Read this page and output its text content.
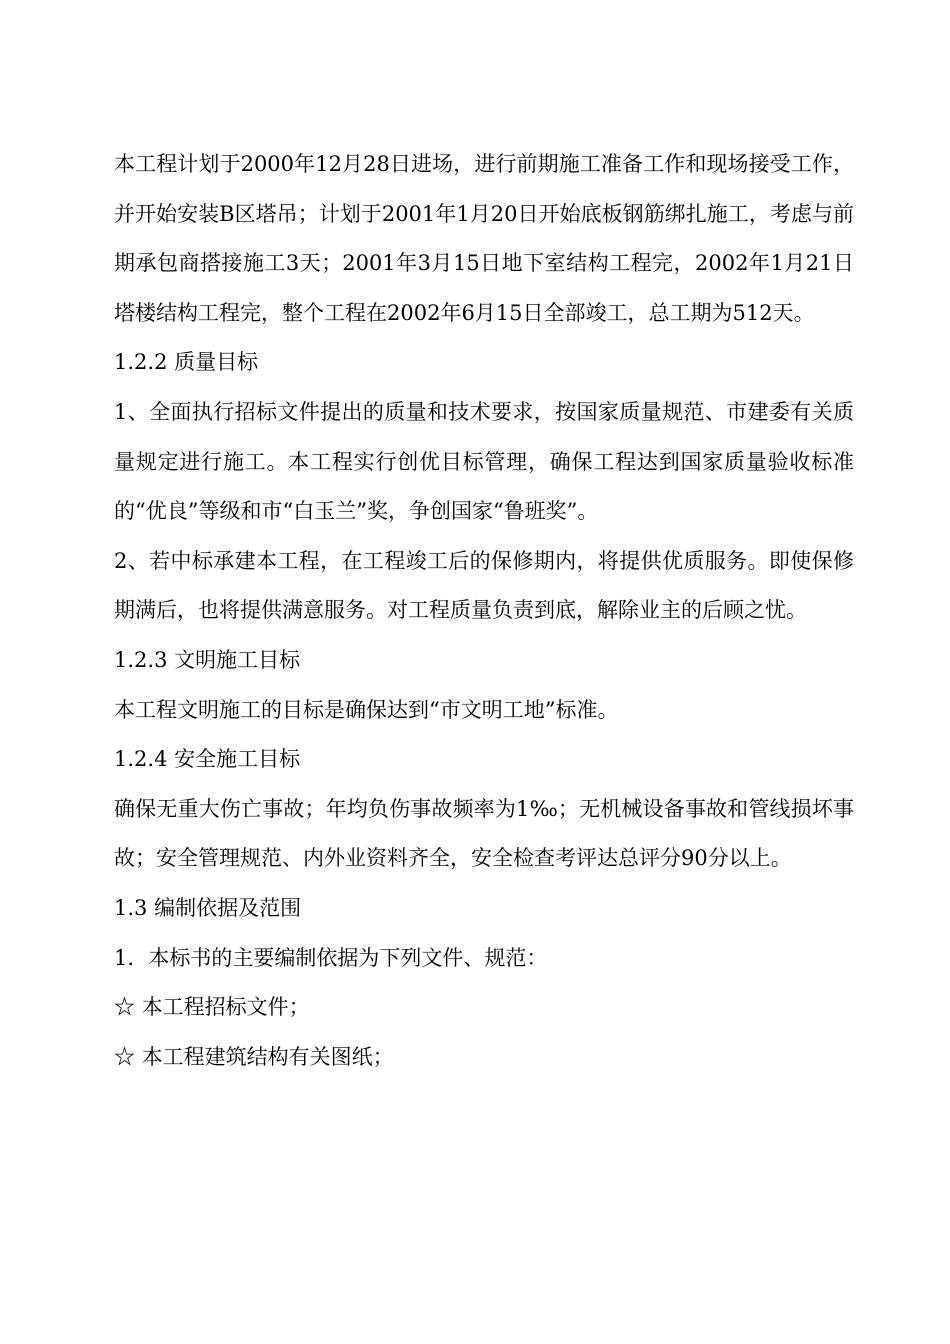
本工程计划于2000年12月28日进场，进行前期施工准备工作和现场接受工作，并开始安装B区塔吊；计划于2001年1月20日开始底板钢筋绑扎施工，考虑与前期承包商搭接施工3天；2001年3月15日地下室结构工程完，2002年1月21日塔楼结构工程完，整个工程在2002年6月15日全部竣工，总工期为512天。

1.2.2 质量目标

1、全面执行招标文件提出的质量和技术要求，按国家质量规范、市建委有关质量规定进行施工。本工程实行创优目标管理，确保工程达到国家质量验收标准的“优良”等级和市“白玉兰”奖，争创国家“鲁班奖”。

2、若中标承建本工程，在工程竣工后的保修期内，将提供优质服务。即使保修期满后，也将提供满意服务。对工程质量负责到底，解除业主的后顾之忧。

1.2.3 文明施工目标

本工程文明施工的目标是确保达到“市文明工地”标准。

1.2.4 安全施工目标

确保无重大伤亡事故；年均负伤事故频率为1‰；无机械设备事故和管线损坏事故；安全管理规范、内外业资料齐全，安全检查考评达总评分90分以上。

1.3 编制依据及范围

1．本标书的主要编制依据为下列文件、规范：

☆ 本工程招标文件；

☆ 本工程建筑结构有关图纸；
